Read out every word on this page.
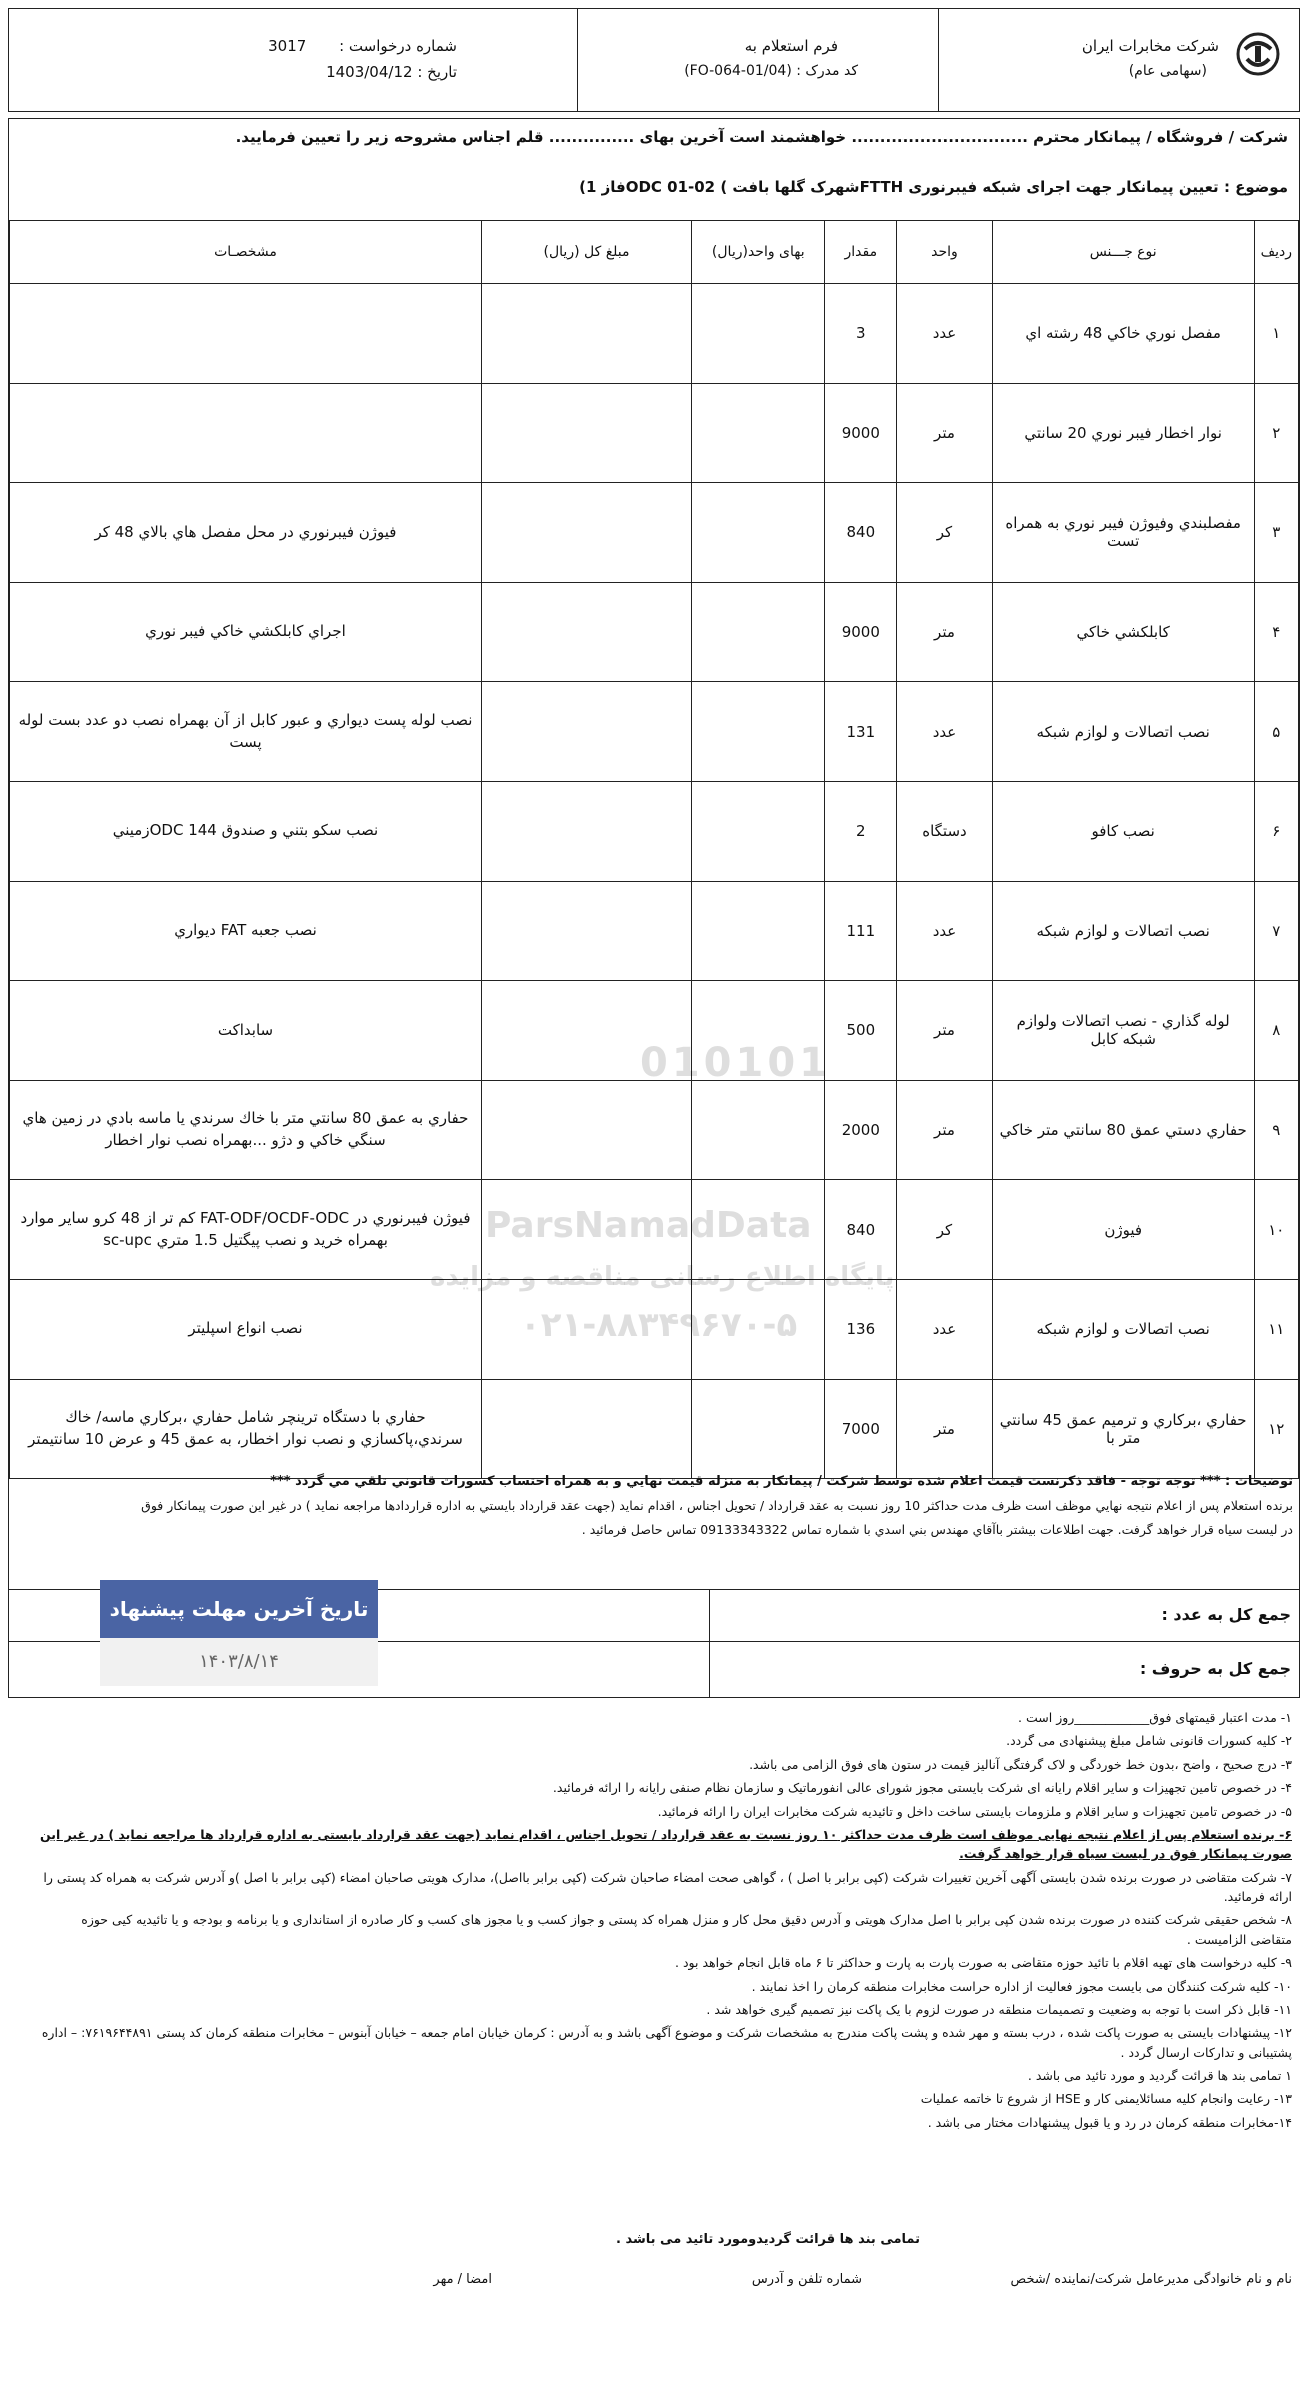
شرکت مخابرات ایران
(سهامی عام)
فرم استعلام به
کد مدرک : (FO-064-01/04)
شماره درخواست : 3017
تاریخ : 1403/04/12
شرکت / فروشگاه / پیمانکار محترم ............................... خواهشمند است آخرین بهای ............... قلم اجناس مشروحه زیر را تعیین فرمایید.
موضوع : تعیین پیمانکار جهت اجرای شبکه فیبرنوری FTTHشهرک گلها بافت ) ODC 01-02فاز 1)
ردیف	نوع جـــنس	واحد	مقدار	بهای واحد(ریال)	مبلغ کل (ریال)	مشخصـات
۱	مفصل نوري خاكي 48 رشته اي	عدد	3			
۲	نوار اخطار فيبر نوري 20 سانتي	متر	9000			
۳	مفصلبندي وفيوژن فيبر نوري به همراه تست	كر	840			فيوژن فيبرنوري در محل مفصل هاي بالاي 48 كر
۴	كابلكشي خاكي	متر	9000			اجراي كابلكشي خاكي فيبر نوري
۵	نصب اتصالات و لوازم شبكه	عدد	131			نصب لوله پست ديواري و عبور كابل از آن بهمراه نصب دو عدد بست لوله پست
۶	نصب كافو	دستگاه	2			نصب سكو بتني و صندوق ODC 144زميني
۷	نصب اتصالات و لوازم شبكه	عدد	111			نصب جعبه FAT ديواري
۸	لوله گذاري - نصب اتصالات ولوازم شبكه كابل	متر	500			سابداكت
۹	حفاري دستي عمق 80 سانتي متر خاكي	متر	2000			حفاري به عمق 80 سانتي متر با خاك سرندي يا ماسه بادي در زمين هاي سنگي خاكي و دژو ...بهمراه نصب نوار اخطار
۱۰	فيوژن	كر	840			فيوژن فيبرنوري در FAT-ODF/OCDF-ODC كم تر از 48 كرو ساير موارد بهمراه خريد و نصب پيگتيل 1.5 متري sc-upc
۱۱	نصب اتصالات و لوازم شبكه	عدد	136			نصب انواع اسپليتر
۱۲	حفاري ،بركاري و ترميم عمق 45 سانتي متر با	متر	7000			حفاري با دستگاه ترينچر شامل حفاري ،بركاري ماسه/ خاك سرندي،پاكسازي و نصب نوار اخطار، به عمق 45 و عرض 10 سانتيمتر
010101
ParsNamadData
پایگاه اطلاع رسانی مناقصه و مزایده
۰۲۱-۸۸۳۴۹۶۷۰-۵
توضیحات : *** توجه توجه - فاقد ذكرنست قيمت اعلام شده توسط شركت / پيمانكار به منزله قيمت نهايي و به همراه احتساب كسورات قانوني تلقي مي گردد ***
برنده استعلام پس از اعلام نتيجه نهايي موظف است ظرف مدت حداكثر 10 روز نسبت به عقد قرارداد / تحويل اجناس ، اقدام نمايد (جهت عقد قرارداد بايستي به اداره قراردادها مراجعه نمايد ) در غير اين صورت پيمانكار فوق
در ليست سياه قرار خواهد گرفت. جهت اطلاعات بيشتر باآقاي مهندس بني اسدي با شماره تماس 09133343322 تماس حاصل فرمائيد .
جمع کل به عدد :
جمع کل به حروف :
تاریخ آخرین مهلت پیشنهاد
۱۴۰۳/۸/۱۴

۱- مدت اعتبار قیمتهای فوق____________روز است .

۲- کلیه کسورات قانونی شامل مبلغ پیشنهادی می گردد.

۳- درج صحیح ، واضح ،بدون خط خوردگی و لاک گرفتگی آنالیز قیمت در ستون های فوق الزامی می باشد.

۴- در خصوص تامین تجهیزات و سایر اقلام رایانه ای شرکت بایستی مجوز شورای عالی انفورماتیک و سازمان نظام صنفی رایانه را ارائه فرمائید.

۵- در خصوص تامین تجهیزات و سایر اقلام و ملزومات بایستی ساخت داخل و تائیدیه شرکت مخابرات ایران را ارائه فرمائید.

۶- برنده استعلام پس از اعلام نتیجه نهایی موظف است ظرف مدت حداکثر ۱۰ روز نسبت به عقد قرارداد / تحویل اجناس ، اقدام نماید (جهت عقد قرارداد بایستی به اداره قرارداد ها مراجعه نماید ) در غیر این صورت پیمانکار فوق در لیست سیاه قرار خواهد گرفت.

۷- شرکت متقاضی در صورت برنده شدن بایستی آگهی آخرین تغییرات شرکت (کپی برابر با اصل ) ، گواهی صحت امضاء صاحبان شرکت (کپی برابر بااصل)، مدارک هویتی صاحبان امضاء (کپی برابر با اصل )و آدرس شرکت به همراه کد پستی را ارائه فرمائید.

۸- شخص حقیقی شرکت کننده در صورت برنده شدن کپی برابر با اصل مدارک هویتی و آدرس دقیق محل کار و منزل همراه کد پستی و جواز کسب و یا مجوز های کسب و کار صادره از استانداری و یا برنامه و بودجه و یا تائیدیه کیی حوزه متقاضی الزامیست .

۹- کلیه درخواست های تهیه اقلام با تائید حوزه متقاضی به صورت پارت به پارت و حداکثر تا ۶ ماه قابل انجام خواهد بود .

۱۰- کلیه شرکت کنندگان می بایست مجوز فعالیت از اداره حراست مخابرات منطقه کرمان را اخذ نمایند .

۱۱- قابل ذکر است با توجه به وضعیت و تصمیمات منطقه در صورت لزوم با یک پاکت نیز تصمیم گیری خواهد شد .

۱۲- پیشنهادات بایستی به صورت پاکت شده ، درب بسته و مهر شده و پشت پاکت مندرج به مشخصات شرکت و موضوع آگهی باشد و به آدرس : کرمان خیابان امام جمعه – خیابان آبنوس – مخابرات منطقه کرمان کد پستی ۷۶۱۹۶۴۴۸۹۱: – اداره پشتیبانی و تدارکات ارسال گردد .

۱ تمامی بند ها قرائت گردید و مورد تائید می باشد .

۱۳- رعایت وانجام کلیه مسائلایمنی کار و HSE از شروع تا خاتمه عملیات

۱۴-مخابرات منطقه کرمان در رد و یا قبول پیشنهادات مختار می باشد .

تمامی بند ها قرائت گردیدومورد تائید می باشد .
نام و نام خانوادگی مدیرعامل شرکت/نماینده /شخص
شماره تلفن و آدرس
امضا / مهر
